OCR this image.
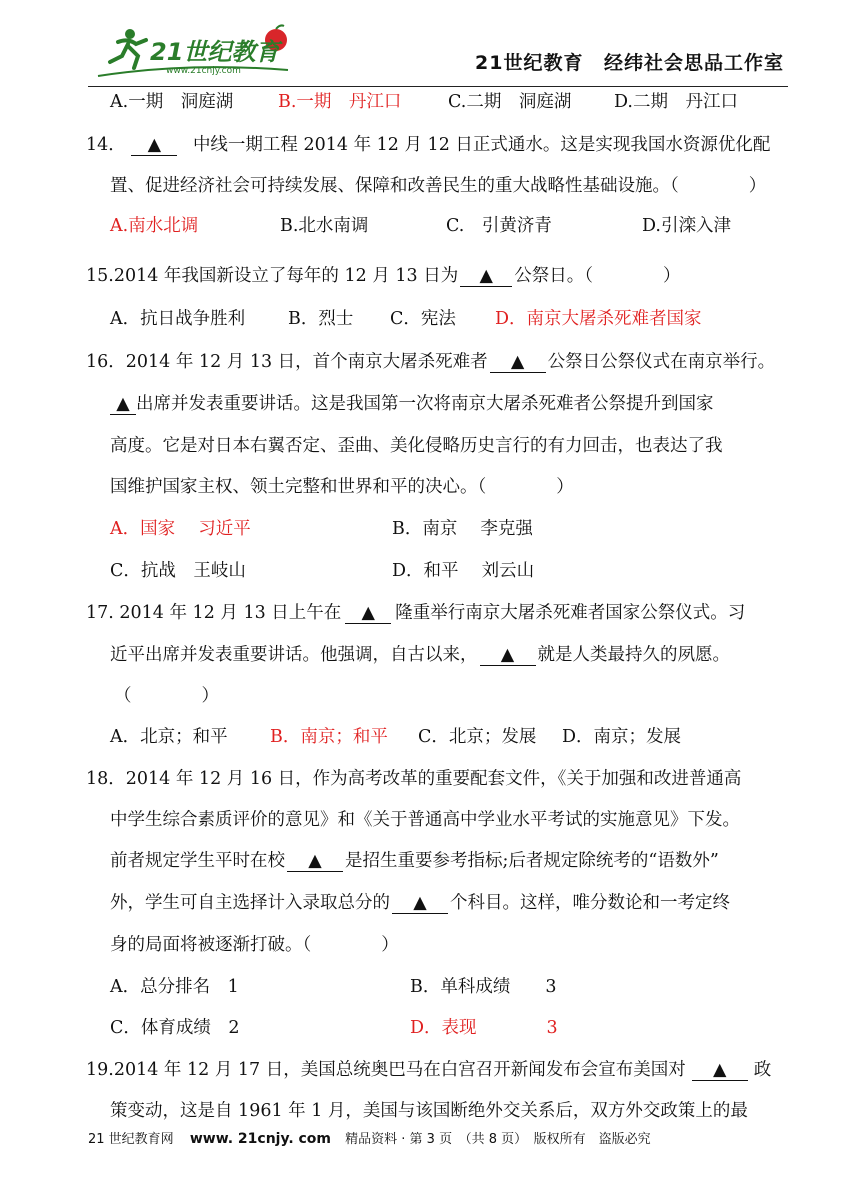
21世纪教育
www.21cnjy.com	21世纪教育 经纬社会思品工作室
A.一期　洞庭湖	B.一期　丹江口	C.二期　洞庭湖 D.二期　丹江口
14． ▲ 中线一期工程 2014 年 12 月 12 日正式通水。这是实现我国水资源优化配
置、促进经济社会可持续发展、保障和改善民生的重大战略性基础设施。（　　　　）
A.南水北调	B.北水南调	C.　引黄济青	D.引滦入津
15.2014 年我国新设立了每年的 12 月 13 日为 ▲ 公祭日。（　　　　）
A．抗日战争胜利 B．烈士 C．宪法 D．南京大屠杀死难者国家
16．2014 年 12 月 13 日，首个南京大屠杀死难者 ▲ 公祭日公祭仪式在南京举行。
▲ 出席并发表重要讲话。这是我国第一次将南京大屠杀死难者公祭提升到国家
高度。它是对日本右翼否定、歪曲、美化侵略历史言行的有力回击，也表达了我
国维护国家主权、领土完整和世界和平的决心。（　　　　）
A．国家　 习近平	B．南京　 李克强
C．抗战　王岐山	D．和平　 刘云山
17. 2014 年 12 月 13 日上午在 ▲ 隆重举行南京大屠杀死难者国家公祭仪式。习
近平出席并发表重要讲话。他强调，自古以来， ▲ 就是人类最持久的夙愿。
（　　　　）
A．北京；和平 B．南京；和平 C．北京；发展 D．南京；发展
18．2014 年 12 月 16 日，作为高考改革的重要配套文件，《关于加强和改进普通高
中学生综合素质评价的意见》和《关于普通高中学业水平考试的实施意见》下发。
前者规定学生平时在校 ▲ 是招生重要参考指标;后者规定除统考的“语数外”
外，学生可自主选择计入录取总分的 ▲ 个科目。这样，唯分数论和一考定终
身的局面将被逐渐打破。（　　　　）
A．总分排名　1	B．单科成绩　　3
C．体育成绩　2	D．表现　　　　3
19.2014 年 12 月 17 日，美国总统奥巴马在白宫召开新闻发布会宣布美国对 ▲ 政
策变动，这是自 1961 年 1 月，美国与该国断绝外交关系后，双方外交政策上的最
21 世纪教育网 www. 21cnjy. com 精品资料 · 第 3 页　（共 8 页）　版权所有　盗版必究
